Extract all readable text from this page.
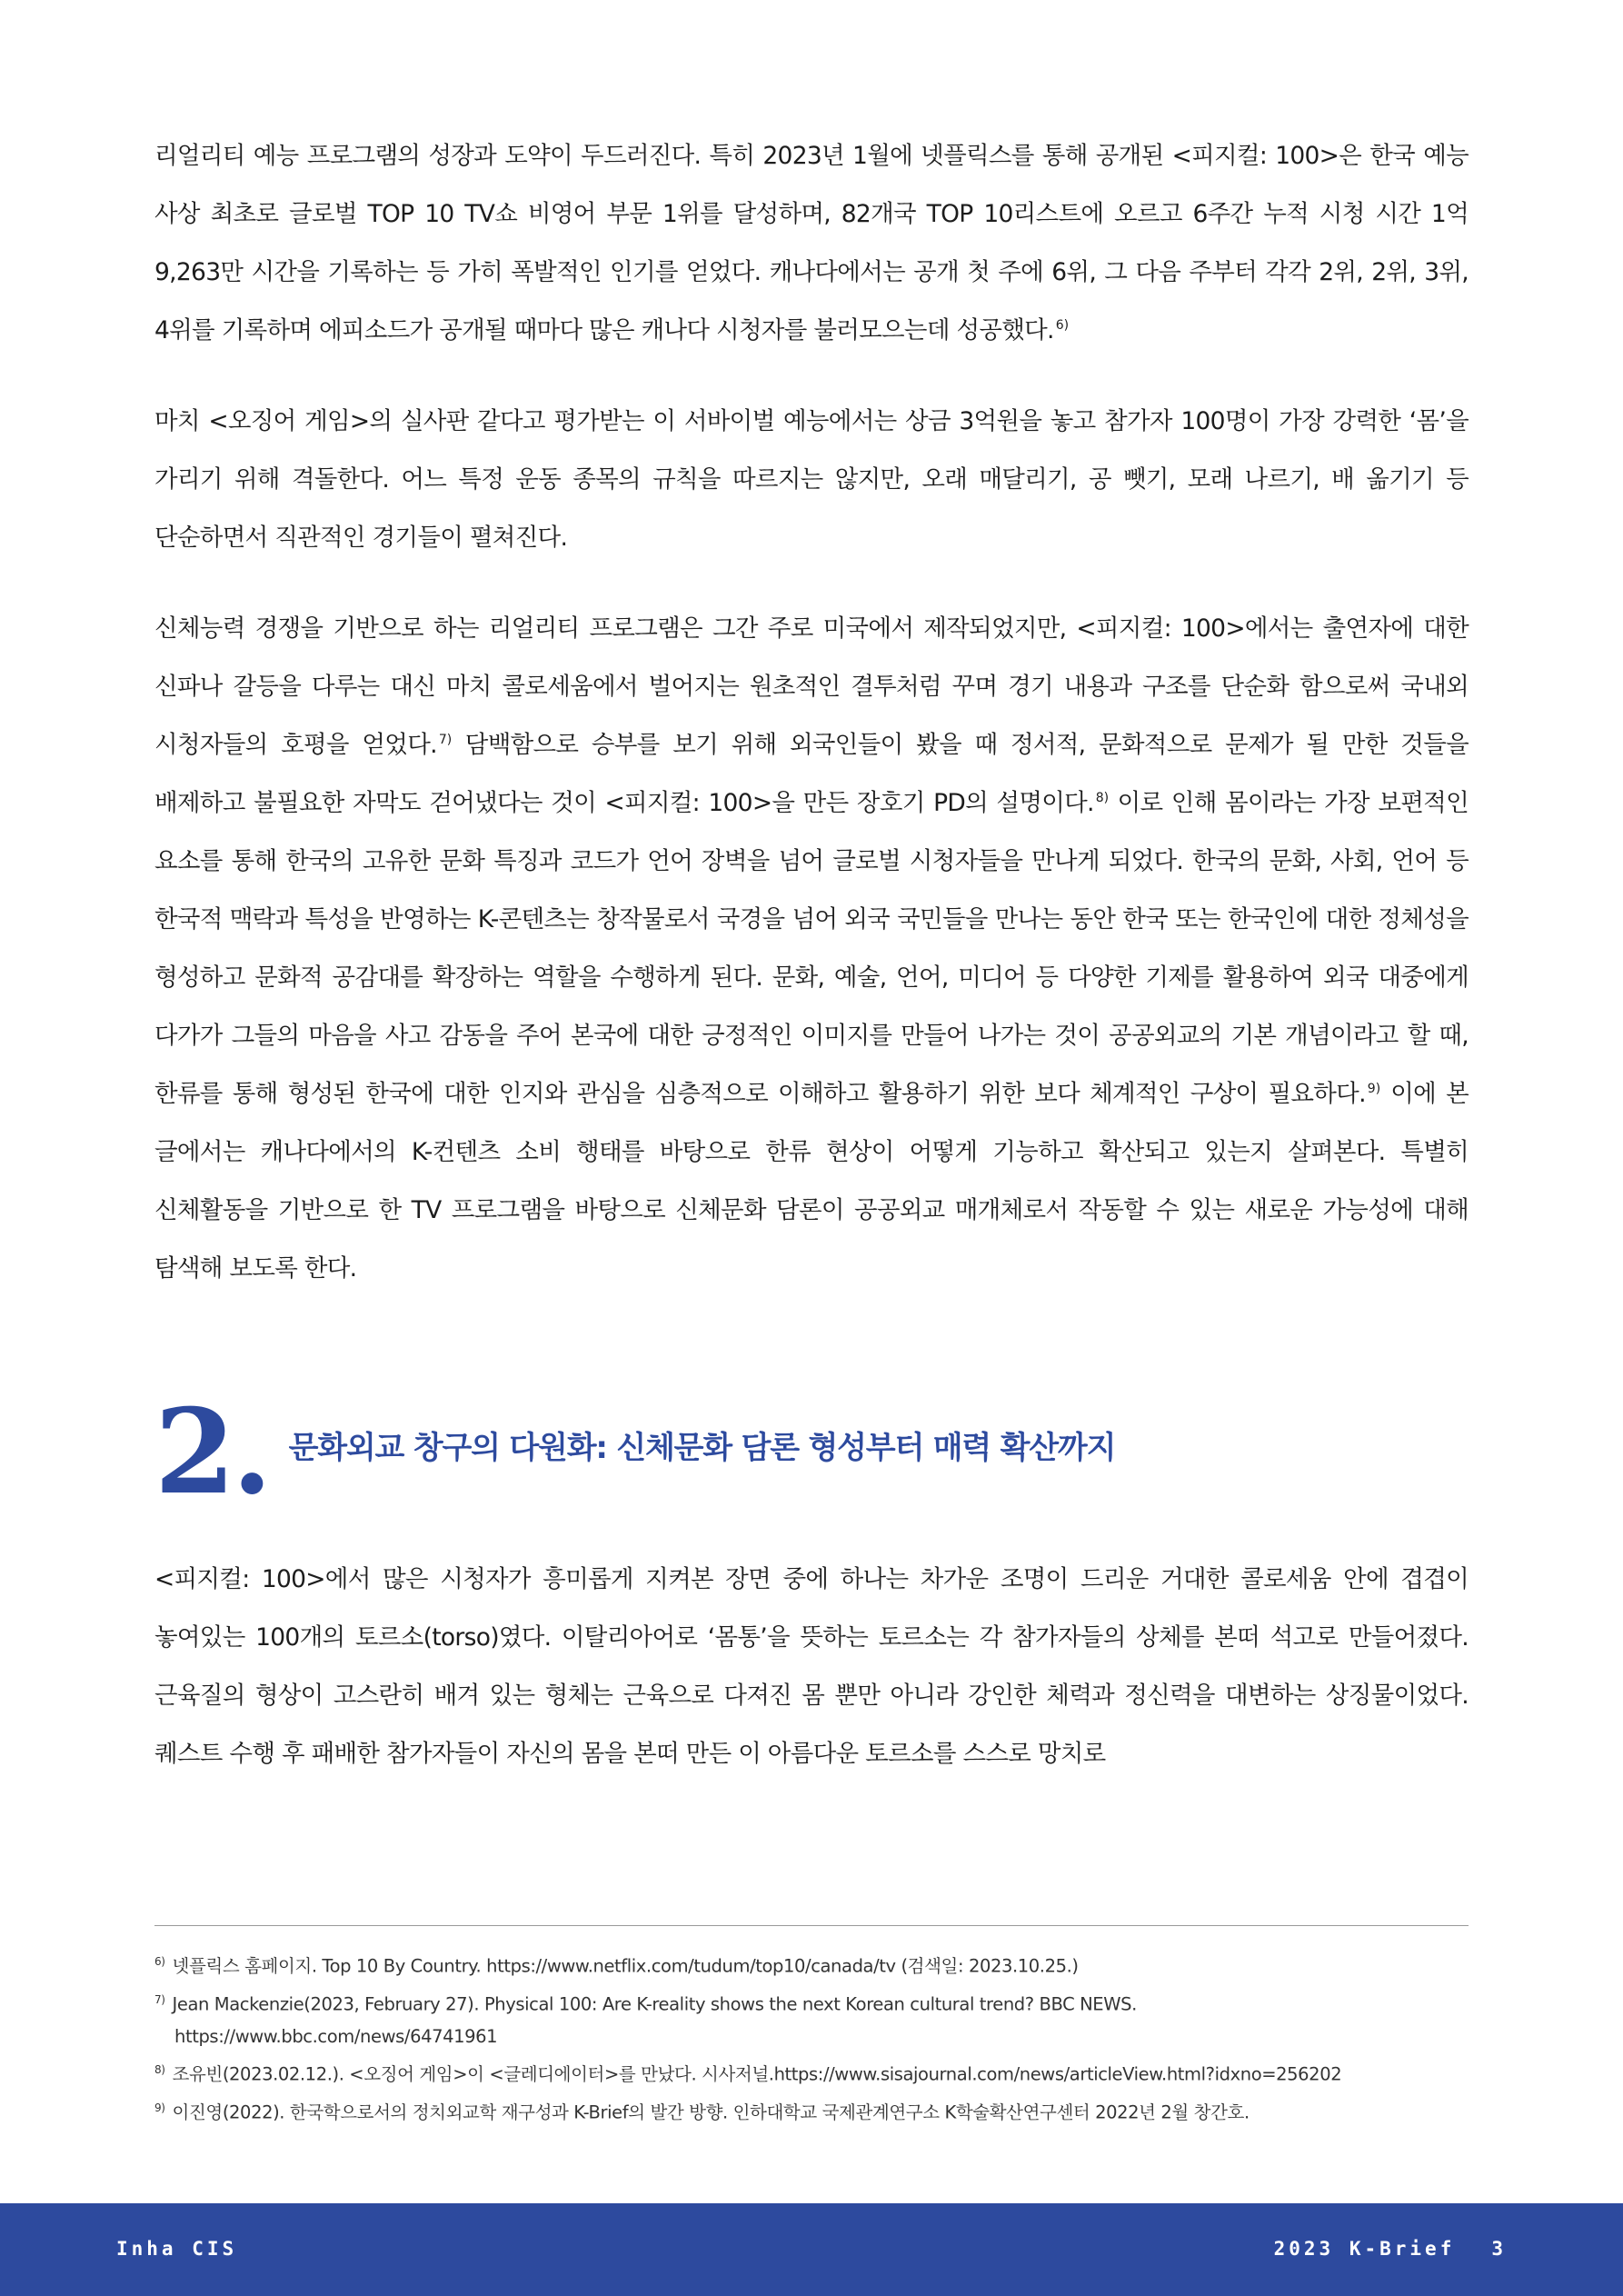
리얼리티 예능 프로그램의 성장과 도약이 두드러진다. 특히 2023년 1월에 넷플릭스를 통해 공개된 <피지컬: 100>은 한국 예능 사상 최초로 글로벌 TOP 10 TV쇼 비영어 부문 1위를 달성하며, 82개국 TOP 10리스트에 오르고 6주간 누적 시청 시간 1억 9,263만 시간을 기록하는 등 가히 폭발적인 인기를 얻었다. 캐나다에서는 공개 첫 주에 6위, 그 다음 주부터 각각 2위, 2위, 3위, 4위를 기록하며 에피소드가 공개될 때마다 많은 캐나다 시청자를 불러모으는데 성공했다. $^{6)}$

마치 <오징어 게임>의 실사판 같다고 평가받는 이 서바이벌 예능에서는 상금 3억원을 놓고 참가자 100명이 가장 강력한 ‘몸’을 가리기 위해 격돌한다. 어느 특정 운동 종목의 규칙을 따르지는 않지만, 오래 매달리기, 공 뺏기, 모래 나르기, 배 옮기기 등 단순하면서 직관적인 경기들이 펼쳐진다.

신체능력 경쟁을 기반으로 하는 리얼리티 프로그램은 그간 주로 미국에서 제작되었지만, <피지컬: 100>에서는 출연자에 대한 신파나 갈등을 다루는 대신 마치 콜로세움에서 벌어지는 원초적인 결투처럼 꾸며 경기 내용과 구조를 단순화 함으로써 국내외 시청자들의 호평을 얻었다. $^{7)}$ 담백함으로 승부를 보기 위해 외국인들이 봤을 때 정서적, 문화적으로 문제가 될 만한 것들을 배제하고 불필요한 자막도 걷어냈다는 것이 <피지컬: 100>을 만든 장호기 PD의 설명이다. $^{8)}$ 이로 인해 몸이라는 가장 보편적인 요소를 통해 한국의 고유한 문화 특징과 코드가 언어 장벽을 넘어 글로벌 시청자들을 만나게 되었다. 한국의 문화, 사회, 언어 등 한국적 맥락과 특성을 반영하는 K-콘텐츠는 창작물로서 국경을 넘어 외국 국민들을 만나는 동안 한국 또는 한국인에 대한 정체성을 형성하고 문화적 공감대를 확장하는 역할을 수행하게 된다. 문화, 예술, 언어, 미디어 등 다양한 기제를 활용하여 외국 대중에게 다가가 그들의 마음을 사고 감동을 주어 본국에 대한 긍정적인 이미지를 만들어 나가는 것이 공공외교의 기본 개념이라고 할 때, 한류를 통해 형성된 한국에 대한 인지와 관심을 심층적으로 이해하고 활용하기 위한 보다 체계적인 구상이 필요하다. $^{9)}$ 이에 본 글에서는 캐나다에서의 K-컨텐츠 소비 행태를 바탕으로 한류 현상이 어떻게 기능하고 확산되고 있는지 살펴본다. 특별히 신체활동을 기반으로 한 TV 프로그램을 바탕으로 신체문화 담론이 공공외교 매개체로서 작동할 수 있는 새로운 가능성에 대해 탐색해 보도록 한다.

2. 문화외교 창구의 다원화: 신체문화 담론 형성부터 매력 확산까지

<피지컬: 100>에서 많은 시청자가 흥미롭게 지켜본 장면 중에 하나는 차가운 조명이 드리운 거대한 콜로세움 안에 겹겹이 놓여있는 100개의 토르소(torso)였다. 이탈리아어로 ‘몸통’을 뜻하는 토르소는 각 참가자들의 상체를 본떠 석고로 만들어졌다. 근육질의 형상이 고스란히 배겨 있는 형체는 근육으로 다져진 몸 뿐만 아니라 강인한 체력과 정신력을 대변하는 상징물이었다. 퀘스트 수행 후 패배한 참가자들이 자신의 몸을 본떠 만든 이 아름다운 토르소를 스스로 망치로

$^{6)}$ 넷플릭스 홈페이지. Top 10 By Country. https://www.netflix.com/tudum/top10/canada/tv (검색일: 2023.10.25.)
$^{7)}$ Jean Mackenzie(2023, February 27). Physical 100: Are K-reality shows the next Korean cultural trend? BBC NEWS.
https://www.bbc.com/news/64741961
$^{8)}$ 조유빈(2023.02.12.). <오징어 게임>이 <글레디에이터>를 만났다. 시사저널.https://www.sisajournal.com/news/articleView.html?idxno=256202
$^{9)}$ 이진영(2022). 한국학으로서의 정치외교학 재구성과 K-Brief의 발간 방향. 인하대학교 국제관계연구소 K학술확산연구센터 2022년 2월 창간호.
Inha CIS	2023 K-Brief 3
